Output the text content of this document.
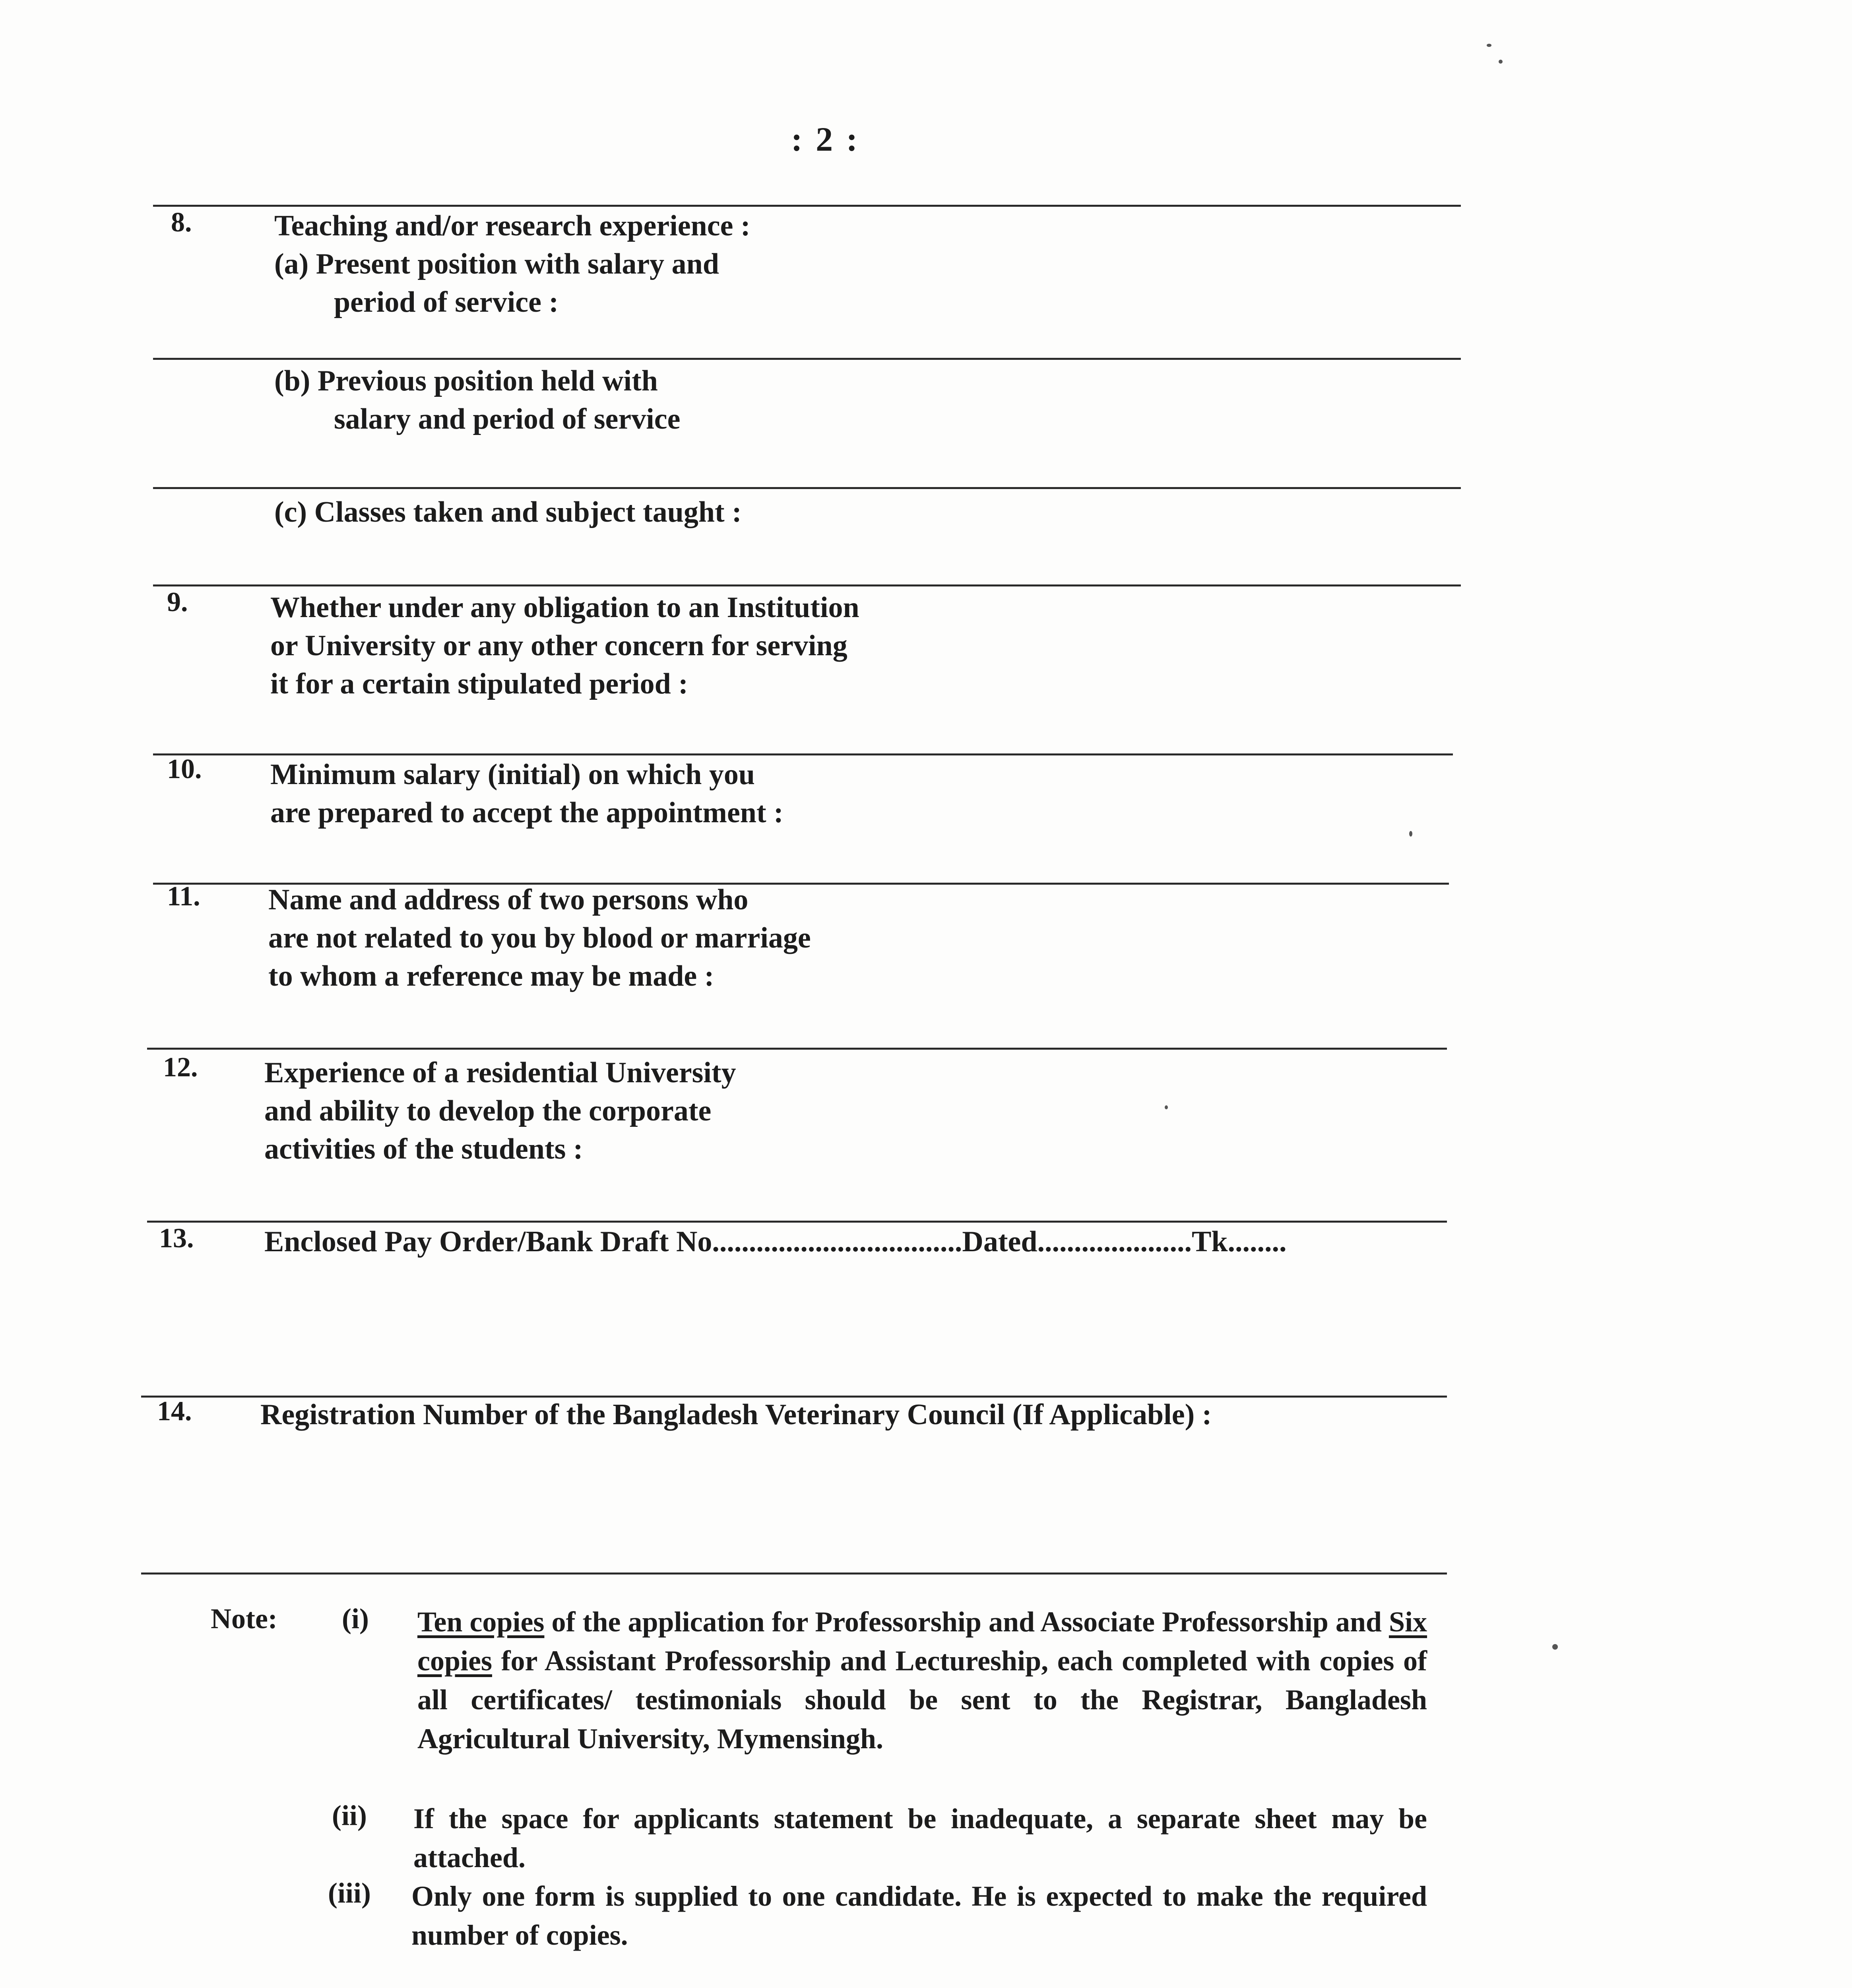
: 2 :
8.	Teaching and/or research experience :
(a) Present position with salary and
period of service :
(b) Previous position held with
salary and period of service
(c) Classes taken and subject taught :
9.	Whether under any obligation to an Institution
or University or any other concern for serving
it for a certain stipulated period :
10. Minimum salary (initial) on which you
are prepared to accept the appointment :
11. Name and address of two persons who
are not related to you by blood or marriage
to whom a reference may be made :
12. Experience of a residential University
and ability to develop the corporate
activities of the students :
13. Enclosed Pay Order/Bank Draft No..................................Dated.....................Tk........
14. Registration Number of the Bangladesh Veterinary Council (If Applicable) :
Note: (i) Ten copies of the application for Professorship and Associate Professorship and Six copies for Assistant Professorship and Lectureship, each completed with copies of all certificates/ testimonials should be sent to the Registrar, Bangladesh Agricultural University, Mymensingh.
(ii) If the space for applicants statement be inadequate, a separate sheet may be attached.
(iii) Only one form is supplied to one candidate. He is expected to make the required number of copies.
